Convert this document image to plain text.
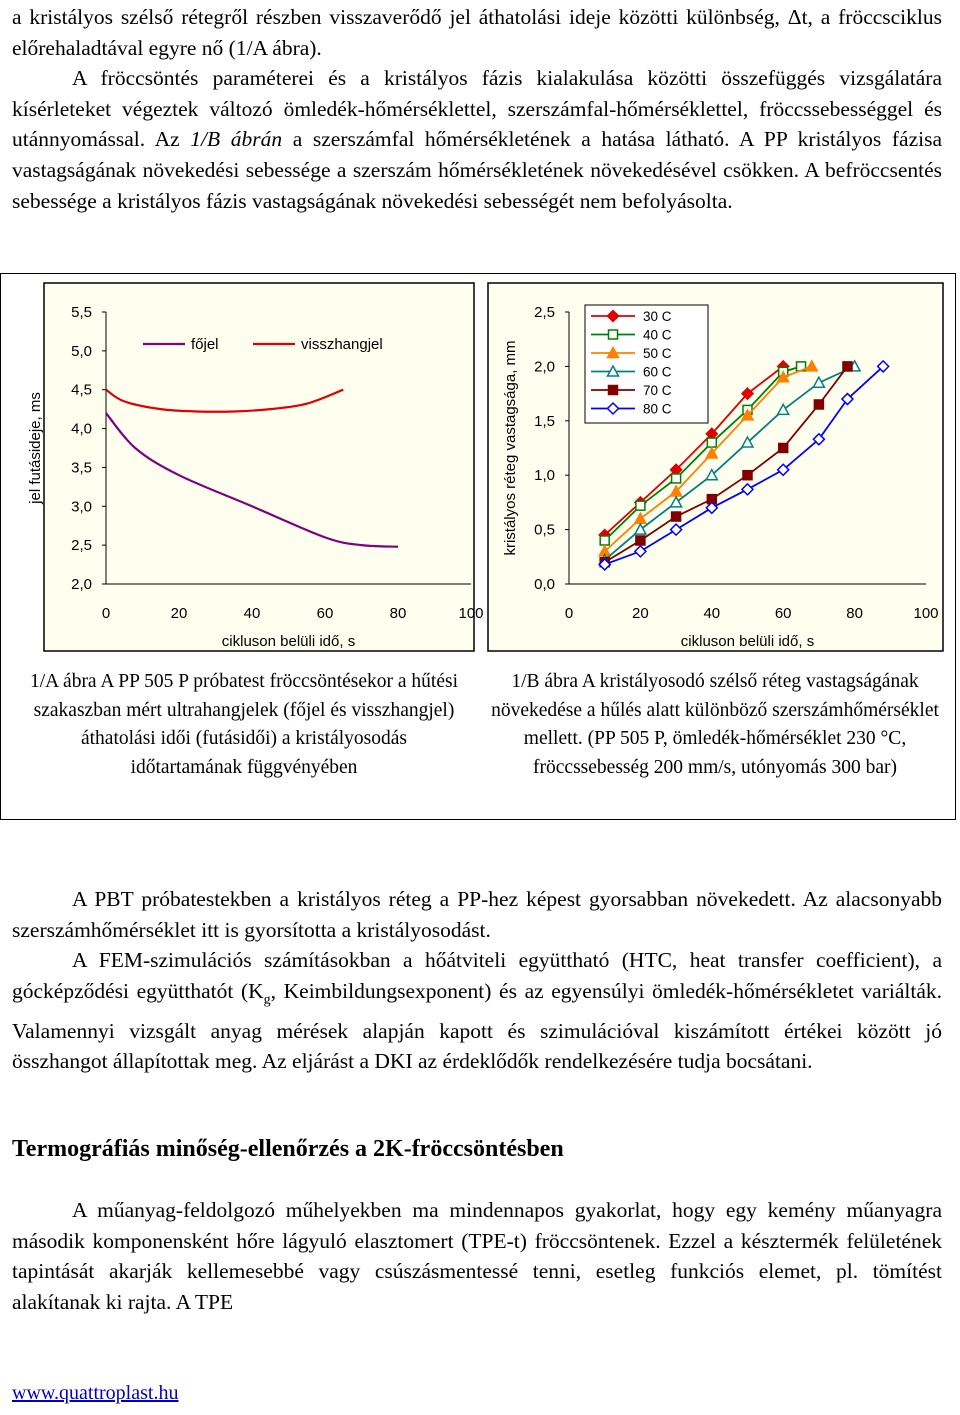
a kristályos szélső rétegről részben visszaverődő jel áthatolási ideje közötti különbség, Δt, a fröccsciklus előrehaladtával egyre nő (1/A ábra).

A fröccsöntés paraméterei és a kristályos fázis kialakulása közötti összefüggés vizsgálatára kísérleteket végeztek változó ömledék-hőmérséklettel, szerszámfal-hőmérséklettel, fröccssebességgel és utánnyomással. Az 1/B ábrán a szerszámfal hőmérsékletének a hatása látható. A PP kristályos fázisa vastagságának növekedési sebessége a szerszám hőmérsékletének növekedésével csökken. A befröccsentés sebessége a kristályos fázis vastagságának növekedési sebességét nem befolyásolta.

2,0
2,5
3,0
3,5
4,0
4,5
5,0
5,5
0	20	40	60	80	100
cikluson belüli idő, s
jel futásideje, ms
főjel	visszhangjel
0,0
0,5
1,0
1,5
2,0
2,5
0	20	40	60	80	100
cikluson belüli idő, s
kristályos réteg vastagsága, mm
30 C
40 C
50 C
60 C
70 C
80 C
1/A ábra A PP 505 P próbatest fröccsöntésekor a hűtési szakaszban mért ultrahangjelek (főjel és visszhangjel) áthatolási idői (futásidői) a kristályosodás időtartamának függvényében
1/B ábra A kristályosodó szélső réteg vastagságának növekedése a hűlés alatt különböző szerszámhőmérséklet mellett. (PP 505 P, ömledék-hőmérséklet 230 °C, fröccssebesség 200 mm/s, utónyomás 300 bar)

A PBT próbatestekben a kristályos réteg a PP-hez képest gyorsabban növekedett. Az alacsonyabb szerszámhőmérséklet itt is gyorsította a kristályosodást.

A FEM-szimulációs számításokban a hőátviteli együttható (HTC, heat transfer coefficient), a gócképződési együtthatót ($K_g$, Keimbildungsexponent) és az egyensúlyi ömledék-hőmérsékletet variálták. Valamennyi vizsgált anyag mérések alapján kapott és szimulációval kiszámított értékei között jó összhangot állapítottak meg. Az eljárást a DKI az érdeklődők rendelkezésére tudja bocsátani.

Termográfiás minőség-ellenőrzés a 2K-fröccsöntésben

A műanyag-feldolgozó műhelyekben ma mindennapos gyakorlat, hogy egy kemény műanyagra második komponensként hőre lágyuló elasztomert (TPE-t) fröccsöntenek. Ezzel a késztermék felületének tapintását akarják kellemesebbé vagy csúszásmentessé tenni, esetleg funkciós elemet, pl. tömítést alakítanak ki rajta. A TPE

www.quattroplast.hu
